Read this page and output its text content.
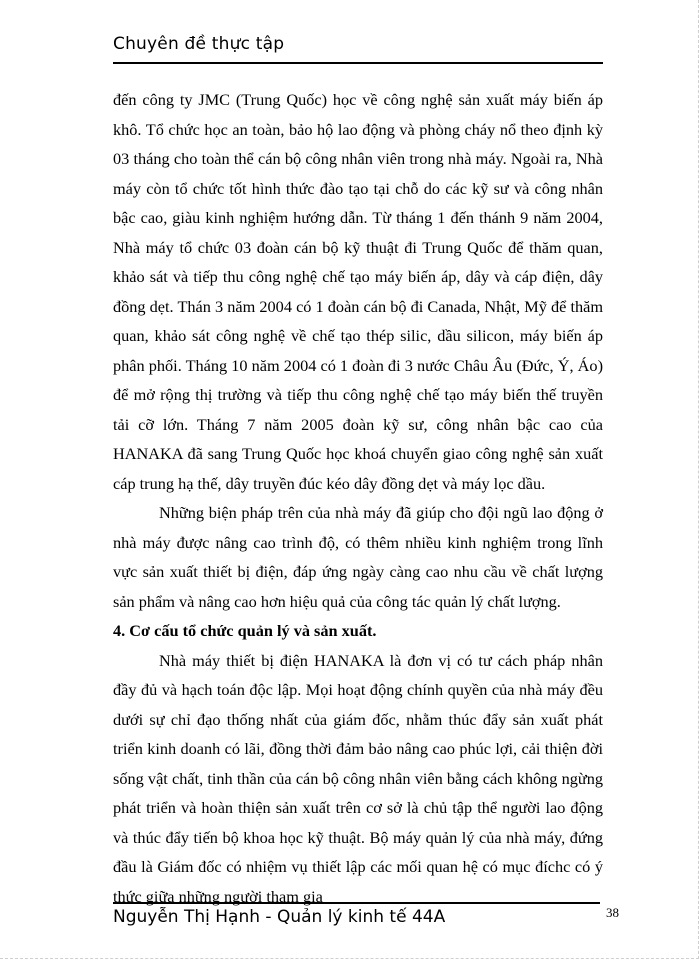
Chuyên đề thực tập

đến công ty JMC (Trung Quốc) học về công nghệ sản xuất máy biến áp khô. Tổ chức học an toàn, bảo hộ lao động và phòng cháy nổ theo định kỳ 03 tháng cho toàn thể cán bộ công nhân viên trong nhà máy. Ngoài ra, Nhà máy còn tổ chức tốt hình thức đào tạo tại chỗ do các kỹ sư và công nhân bậc cao, giàu kinh nghiệm hướng dẫn. Từ tháng 1 đến thánh 9 năm 2004, Nhà máy tổ chức 03 đoàn cán bộ kỹ thuật đi Trung Quốc để thăm quan, khảo sát và tiếp thu công nghệ chế tạo máy biến áp, dây và cáp điện, dây đồng dẹt. Thán 3 năm 2004 có 1 đoàn cán bộ đi Canada, Nhật, Mỹ để thăm quan, khảo sát công nghệ về chế tạo thép silic, dầu silicon, máy biến áp phân phối. Tháng 10 năm 2004 có 1 đoàn đi 3 nước Châu Âu (Đức, Ý, Áo) để mở rộng thị trường và tiếp thu công nghệ chế tạo máy biến thế truyền tải cỡ lớn. Tháng 7 năm 2005 đoàn kỹ sư, công nhân bậc cao của HANAKA đã sang Trung Quốc học khoá chuyển giao công nghệ sản xuất cáp trung hạ thế, dây truyền đúc kéo dây đồng dẹt và máy lọc dầu.

Những biện pháp trên của nhà máy đã giúp cho đội ngũ lao động ở nhà máy được nâng cao trình độ, có thêm nhiều kinh nghiệm trong lĩnh vực sản xuất thiết bị điện, đáp ứng ngày càng cao nhu cầu về chất lượng sản phẩm và nâng cao hơn hiệu quả của công tác quản lý chất lượng.

4. Cơ cấu tổ chức quản lý và sản xuất.

Nhà máy thiết bị điện HANAKA là đơn vị có tư cách pháp nhân đầy đủ và hạch toán độc lập. Mọi hoạt động chính quyền của nhà máy đều dưới sự chỉ đạo thống nhất của giám đốc, nhằm thúc đẩy sản xuất phát triển kinh doanh có lãi, đồng thời đảm bảo nâng cao phúc lợi, cải thiện đời sống vật chất, tinh thần của cán bộ công nhân viên bằng cách không ngừng phát triển và hoàn thiện sản xuất trên cơ sở là chủ tập thể người lao động và thúc đẩy tiến bộ khoa học kỹ thuật. Bộ máy quản lý của nhà máy, đứng đầu là Giám đốc có nhiệm vụ thiết lập các mối quan hệ có mục đíchc có ý thức giữa những người tham gia

Nguyễn Thị Hạnh - Quản lý kinh tế 44A	38
